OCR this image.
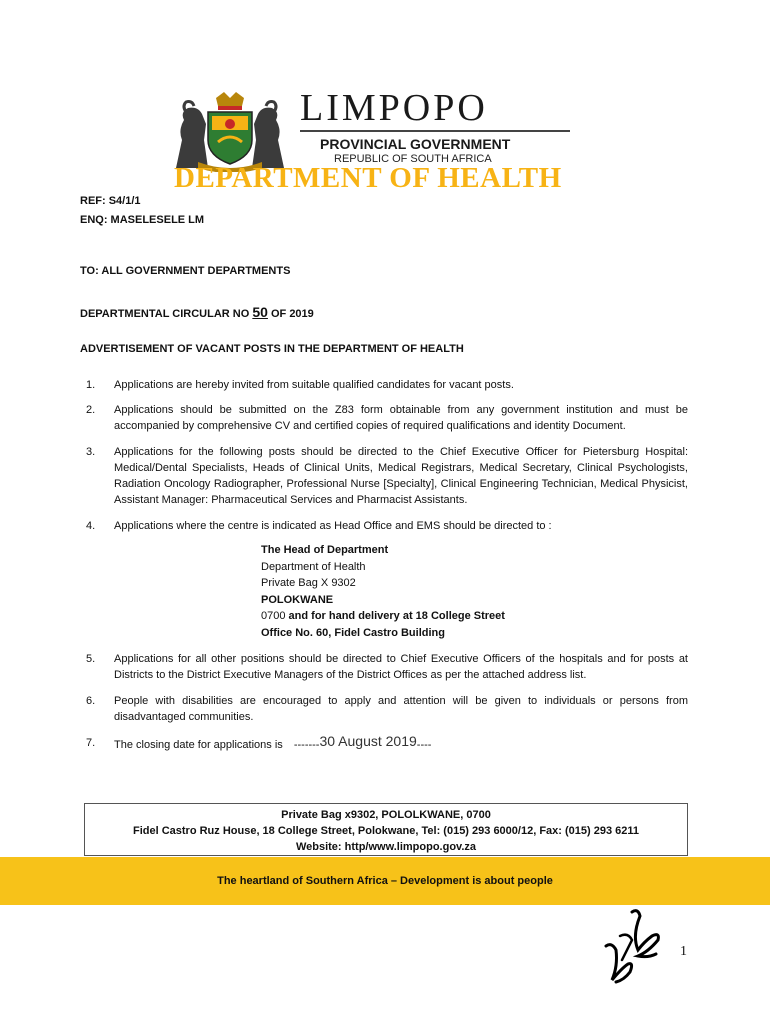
LIMPOPO
PROVINCIAL GOVERNMENT
REPUBLIC OF SOUTH AFRICA
DEPARTMENT OF HEALTH
REF: S4/1/1
ENQ: MASELESELE LM
TO: ALL GOVERNMENT DEPARTMENTS
DEPARTMENTAL CIRCULAR NO 50 OF 2019
ADVERTISEMENT OF VACANT POSTS IN THE DEPARTMENT OF HEALTH
1. Applications are hereby invited from suitable qualified candidates for vacant posts.
2. Applications should be submitted on the Z83 form obtainable from any government institution and must be accompanied by comprehensive CV and certified copies of required qualifications and identity Document.
3. Applications for the following posts should be directed to the Chief Executive Officer for Pietersburg Hospital: Medical/Dental Specialists, Heads of Clinical Units, Medical Registrars, Medical Secretary, Clinical Psychologists, Radiation Oncology Radiographer, Professional Nurse [Specialty], Clinical Engineering Technician, Medical Physicist, Assistant Manager: Pharmaceutical Services and Pharmacist Assistants.
4. Applications where the centre is indicated as Head Office and EMS should be directed to :
The Head of Department
Department of Health
Private Bag X 9302
POLOKWANE
0700 and for hand delivery at 18 College Street
Office No. 60, Fidel Castro Building
5. Applications for all other positions should be directed to Chief Executive Officers of the hospitals and for posts at Districts to the District Executive Managers of the District Offices as per the attached address list.
6. People with disabilities are encouraged to apply and attention will be given to individuals or persons from disadvantaged communities.
7. The closing date for applications is -------30 August 2019----
Private Bag x9302, POLOLKWANE, 0700
Fidel Castro Ruz House, 18 College Street, Polokwane, Tel: (015) 293 6000/12, Fax: (015) 293 6211
Website: http/www.limpopo.gov.za
The heartland of Southern Africa – Development is about people
1
